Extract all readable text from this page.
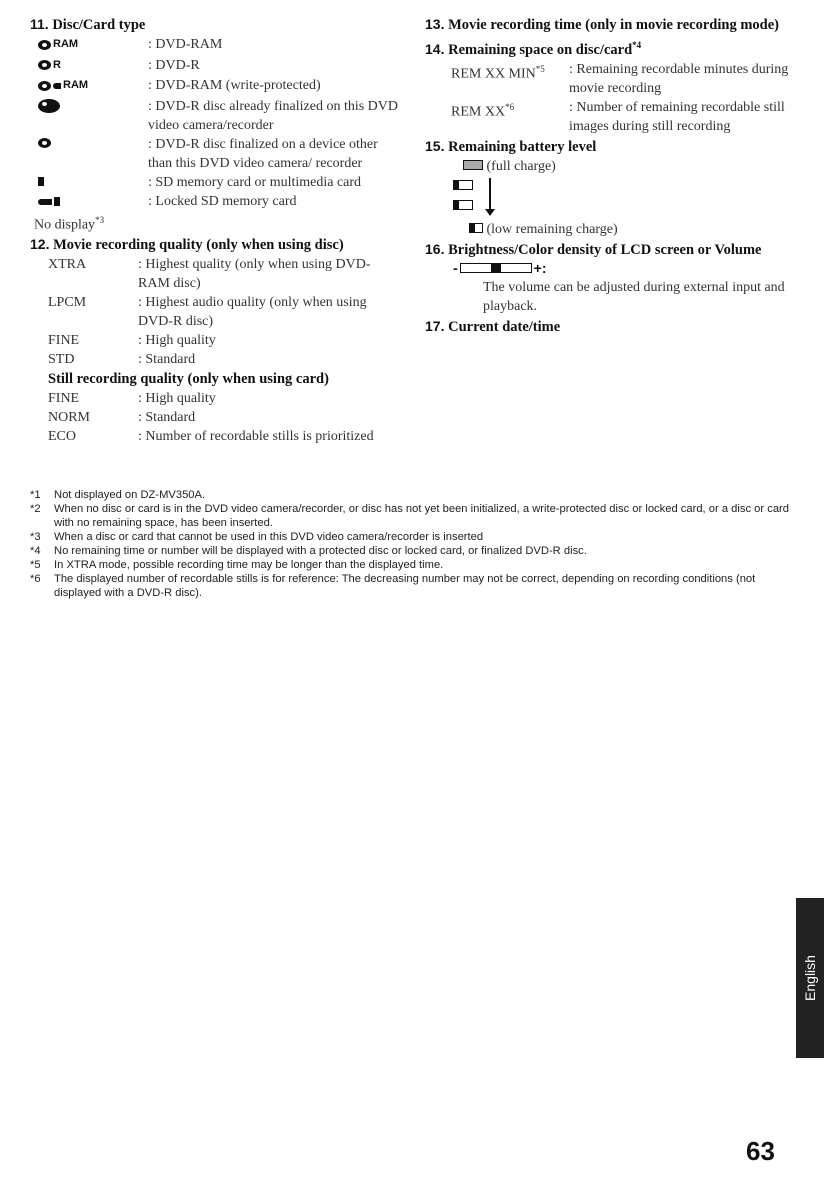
11. Disc/Card type
RAM	: DVD-RAM
R	: DVD-R
RAM	: DVD-RAM (write-protected)
: DVD-R disc already finalized on this DVD video camera/recorder
: DVD-R disc finalized on a device other than this DVD video camera/ recorder
: SD memory card or multimedia card
: Locked SD memory card
No display$^{*3}$
12. Movie recording quality (only when using disc)
XTRA	: Highest quality (only when using DVD-RAM disc)
LPCM	: Highest audio quality (only when using DVD-R disc)
FINE	: High quality
STD	: Standard
Still recording quality (only when using card)
FINE	: High quality
NORM	: Standard
ECO	: Number of recordable stills is prioritized
13. Movie recording time (only in movie recording mode)
14. Remaining space on disc/card$^{*4}$
REM XX MIN$^{*5}$	: Remaining recordable minutes during movie recording
REM XX$^{*6}$	: Number of remaining recordable still images during still recording
15. Remaining battery level
(full charge)
(low remaining charge)
16. Brightness/Color density of LCD screen or Volume
-	+:
The volume can be adjusted during external input and playback.
17. Current date/time
*1	Not displayed on DZ-MV350A.
*2	When no disc or card is in the DVD video camera/recorder, or disc has not yet been initialized, a write-protected disc or locked card, or a disc or card with no remaining space, has been inserted.
*3	When a disc or card that cannot be used in this DVD video camera/recorder is inserted
*4	No remaining time or number will be displayed with a protected disc or locked card, or finalized DVD-R disc.
*5	In XTRA mode, possible recording time may be longer than the displayed time.
*6	The displayed number of recordable stills is for reference: The decreasing number may not be correct, depending on recording conditions (not displayed with a DVD-R disc).
English
63
